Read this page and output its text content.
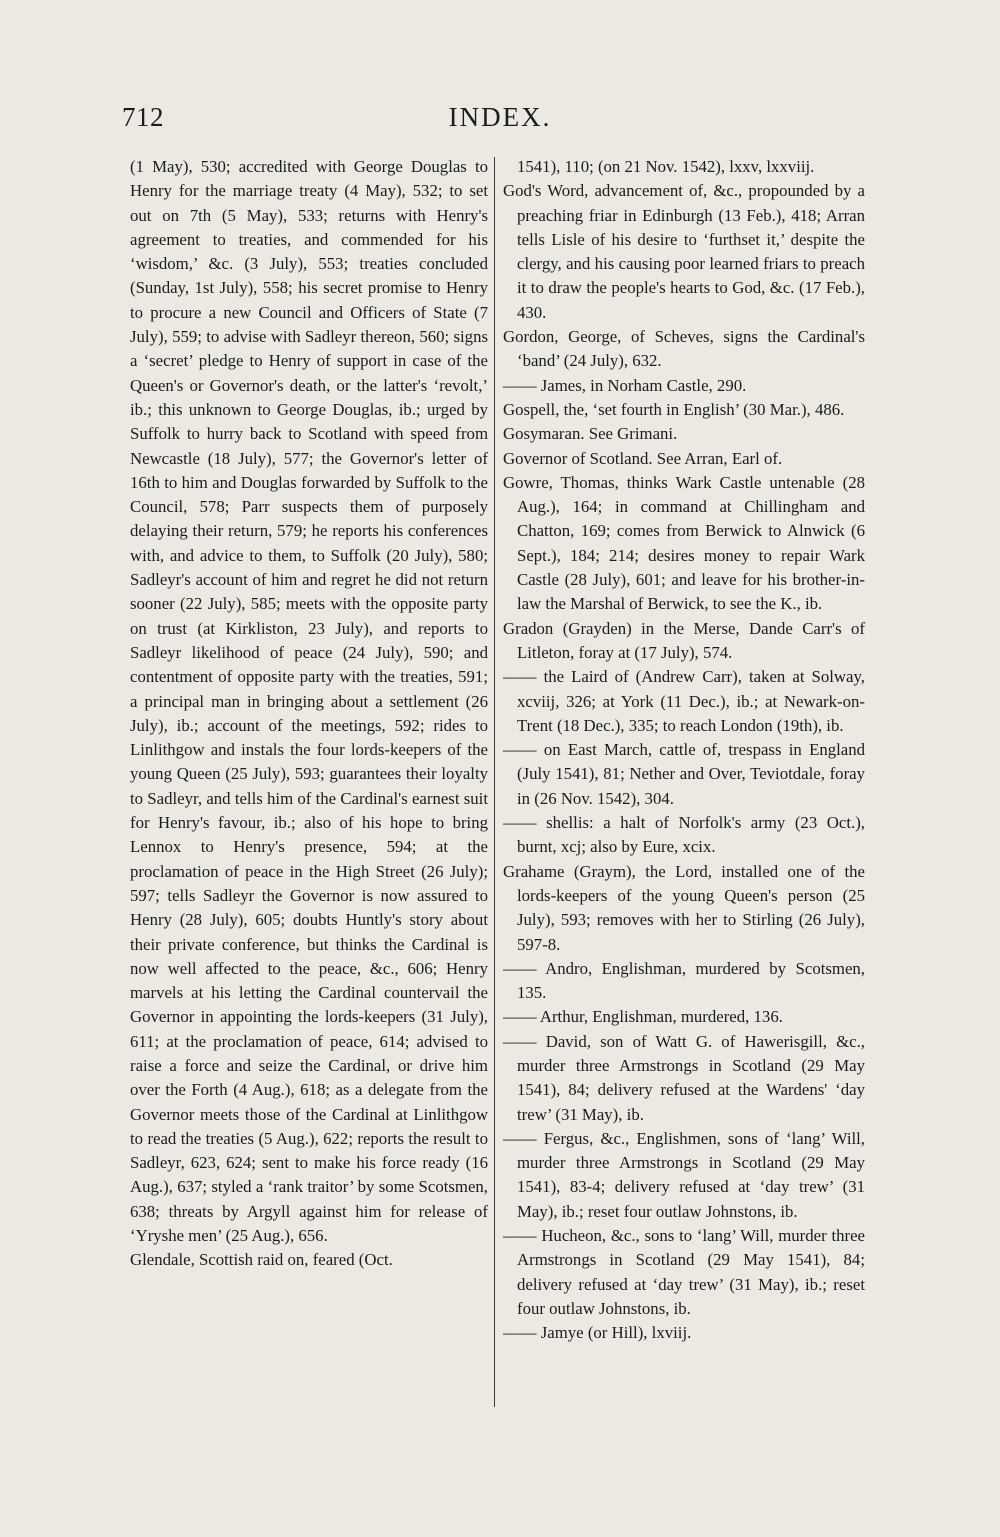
712	INDEX.

(1 May), 530; accredited with George Douglas to Henry for the marriage treaty (4 May), 532; to set out on 7th (5 May), 533; returns with Henry's agreement to treaties, and commended for his ‘wisdom,’ &c. (3 July), 553; treaties concluded (Sunday, 1st July), 558; his secret promise to Henry to procure a new Council and Officers of State (7 July), 559; to advise with Sadleyr thereon, 560; signs a ‘secret’ pledge to Henry of support in case of the Queen's or Governor's death, or the latter's ‘revolt,’ ib.; this unknown to George Douglas, ib.; urged by Suffolk to hurry back to Scotland with speed from Newcastle (18 July), 577; the Governor's letter of 16th to him and Douglas forwarded by Suffolk to the Council, 578; Parr suspects them of purposely delaying their return, 579; he reports his conferences with, and advice to them, to Suffolk (20 July), 580; Sadleyr's account of him and regret he did not return sooner (22 July), 585; meets with the opposite party on trust (at Kirkliston, 23 July), and reports to Sadleyr likelihood of peace (24 July), 590; and contentment of opposite party with the treaties, 591; a principal man in bringing about a settlement (26 July), ib.; account of the meetings, 592; rides to Linlithgow and instals the four lords-keepers of the young Queen (25 July), 593; guarantees their loyalty to Sadleyr, and tells him of the Cardinal's earnest suit for Henry's favour, ib.; also of his hope to bring Lennox to Henry's presence, 594; at the proclamation of peace in the High Street (26 July); 597; tells Sadleyr the Governor is now assured to Henry (28 July), 605; doubts Huntly's story about their private conference, but thinks the Cardinal is now well affected to the peace, &c., 606; Henry marvels at his letting the Cardinal countervail the Governor in appointing the lords-keepers (31 July), 611; at the proclamation of peace, 614; advised to raise a force and seize the Cardinal, or drive him over the Forth (4 Aug.), 618; as a delegate from the Governor meets those of the Cardinal at Linlithgow to read the treaties (5 Aug.), 622; reports the result to Sadleyr, 623, 624; sent to make his force ready (16 Aug.), 637; styled a ‘rank traitor’ by some Scotsmen, 638; threats by Argyll against him for release of ‘Yryshe men’ (25 Aug.), 656.

Glendale, Scottish raid on, feared (Oct.

1541), 110; (on 21 Nov. 1542), lxxv, lxxviij.

God's Word, advancement of, &c., propounded by a preaching friar in Edinburgh (13 Feb.), 418; Arran tells Lisle of his desire to ‘furthset it,’ despite the clergy, and his causing poor learned friars to preach it to draw the people's hearts to God, &c. (17 Feb.), 430.

Gordon, George, of Scheves, signs the Cardinal's ‘band’ (24 July), 632.

—— James, in Norham Castle, 290.

Gospell, the, ‘set fourth in English’ (30 Mar.), 486.

Gosymaran. See Grimani.

Governor of Scotland. See Arran, Earl of.

Gowre, Thomas, thinks Wark Castle untenable (28 Aug.), 164; in command at Chillingham and Chatton, 169; comes from Berwick to Alnwick (6 Sept.), 184; 214; desires money to repair Wark Castle (28 July), 601; and leave for his brother-in-law the Marshal of Berwick, to see the K., ib.

Gradon (Grayden) in the Merse, Dande Carr's of Litleton, foray at (17 July), 574.

—— the Laird of (Andrew Carr), taken at Solway, xcviij, 326; at York (11 Dec.), ib.; at Newark-on-Trent (18 Dec.), 335; to reach London (19th), ib.

—— on East March, cattle of, trespass in England (July 1541), 81; Nether and Over, Teviotdale, foray in (26 Nov. 1542), 304.

—— shellis: a halt of Norfolk's army (23 Oct.), burnt, xcj; also by Eure, xcix.

Grahame (Graym), the Lord, installed one of the lords-keepers of the young Queen's person (25 July), 593; removes with her to Stirling (26 July), 597-8.

—— Andro, Englishman, murdered by Scotsmen, 135.

—— Arthur, Englishman, murdered, 136.

—— David, son of Watt G. of Hawerisgill, &c., murder three Armstrongs in Scotland (29 May 1541), 84; delivery refused at the Wardens' ‘day trew’ (31 May), ib.

—— Fergus, &c., Englishmen, sons of ‘lang’ Will, murder three Armstrongs in Scotland (29 May 1541), 83-4; delivery refused at ‘day trew’ (31 May), ib.; reset four outlaw Johnstons, ib.

—— Hucheon, &c., sons to ‘lang’ Will, murder three Armstrongs in Scotland (29 May 1541), 84; delivery refused at ‘day trew’ (31 May), ib.; reset four outlaw Johnstons, ib.

—— Jamye (or Hill), lxviij.
